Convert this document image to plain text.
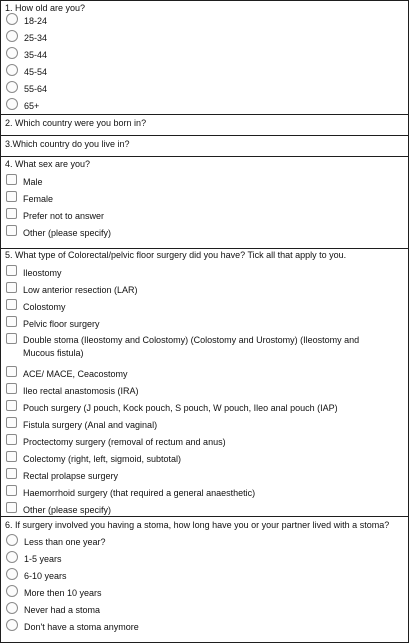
1. How old are you?
18-24
25-34
35-44
45-54
55-64
65+
2. Which country were you born in?
3.Which country do you live in?
4. What sex are you?
Male
Female
Prefer not to answer
Other (please specify)
5. What type of Colorectal/pelvic floor surgery did you have? Tick all that apply to you.
Ileostomy
Low anterior resection (LAR)
Colostomy
Pelvic floor surgery
Double stoma (Ileostomy and Colostomy) (Colostomy and Urostomy) (Ileostomy and Mucous fistula)
ACE/ MACE, Ceacostomy
Ileo rectal anastomosis (IRA)
Pouch surgery (J pouch, Kock pouch, S pouch, W pouch, Ileo anal pouch (IAP)
Fistula surgery (Anal and vaginal)
Proctectomy surgery (removal of rectum and anus)
Colectomy (right, left, sigmoid, subtotal)
Rectal prolapse surgery
Haemorrhoid surgery (that required a general anaesthetic)
Other (please specify)
6. If surgery involved you having a stoma, how long have you or your partner lived with a stoma?
Less than one year?
1-5 years
6-10 years
More then 10 years
Never had a stoma
Don't have a stoma anymore
